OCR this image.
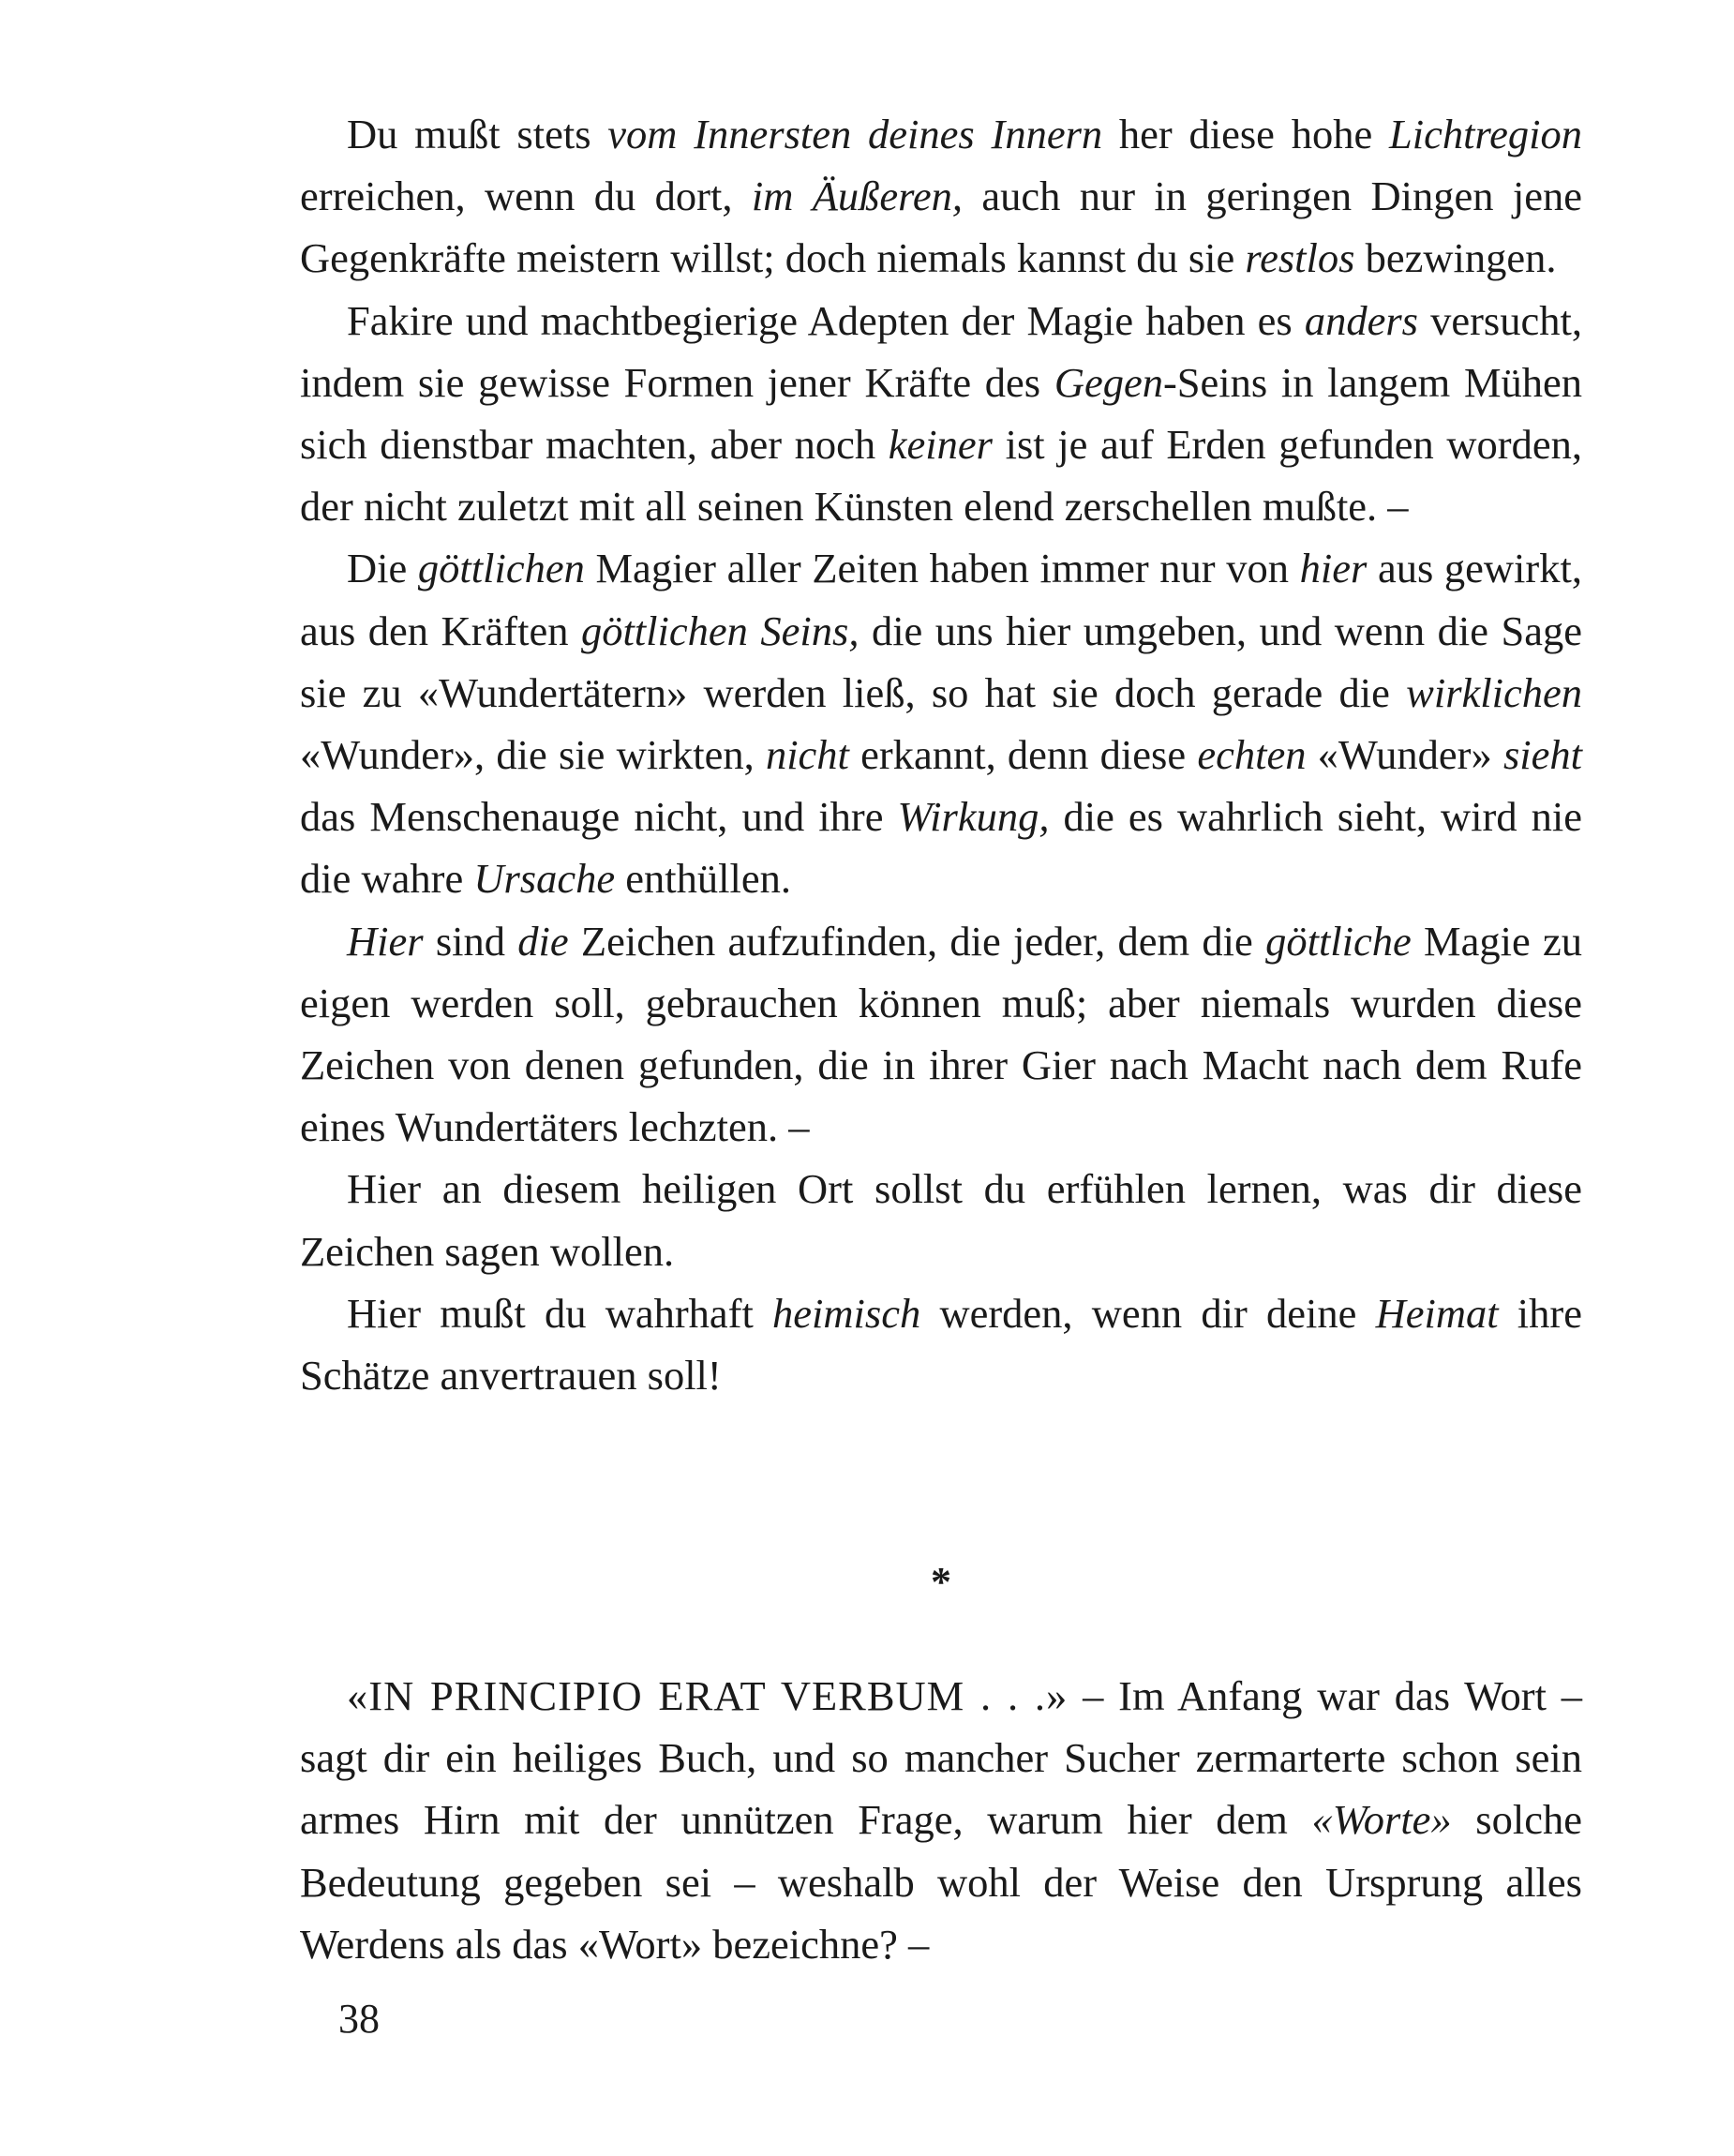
Du mußt stets vom Innersten deines Innern her diese hohe Lichtregion erreichen, wenn du dort, im Äußeren, auch nur in geringen Dingen jene Gegenkräfte meistern willst; doch niemals kannst du sie restlos bezwingen.

Fakire und machtbegierige Adepten der Magie haben es anders versucht, indem sie gewisse Formen jener Kräfte des Gegen-Seins in langem Mühen sich dienstbar machten, aber noch keiner ist je auf Erden gefunden worden, der nicht zuletzt mit all seinen Künsten elend zerschellen mußte. –

Die göttlichen Magier aller Zeiten haben immer nur von hier aus gewirkt, aus den Kräften göttlichen Seins, die uns hier umgeben, und wenn die Sage sie zu «Wundertätern» werden ließ, so hat sie doch gerade die wirklichen «Wunder», die sie wirkten, nicht erkannt, denn diese echten «Wunder» sieht das Menschenauge nicht, und ihre Wirkung, die es wahrlich sieht, wird nie die wahre Ursache enthüllen.

Hier sind die Zeichen aufzufinden, die jeder, dem die göttliche Magie zu eigen werden soll, gebrauchen können muß; aber niemals wurden diese Zeichen von denen gefunden, die in ihrer Gier nach Macht nach dem Rufe eines Wundertäters lechzten. –

Hier an diesem heiligen Ort sollst du erfühlen lernen, was dir diese Zeichen sagen wollen.

Hier mußt du wahrhaft heimisch werden, wenn dir deine Heimat ihre Schätze anvertrauen soll!

*

«IN PRINCIPIO ERAT VERBUM . . .» – Im Anfang war das Wort – sagt dir ein heiliges Buch, und so mancher Sucher zermarterte schon sein armes Hirn mit der unnützen Frage, warum hier dem «Worte» solche Bedeutung gegeben sei – weshalb wohl der Weise den Ursprung alles Werdens als das «Wort» bezeichne? –

38
